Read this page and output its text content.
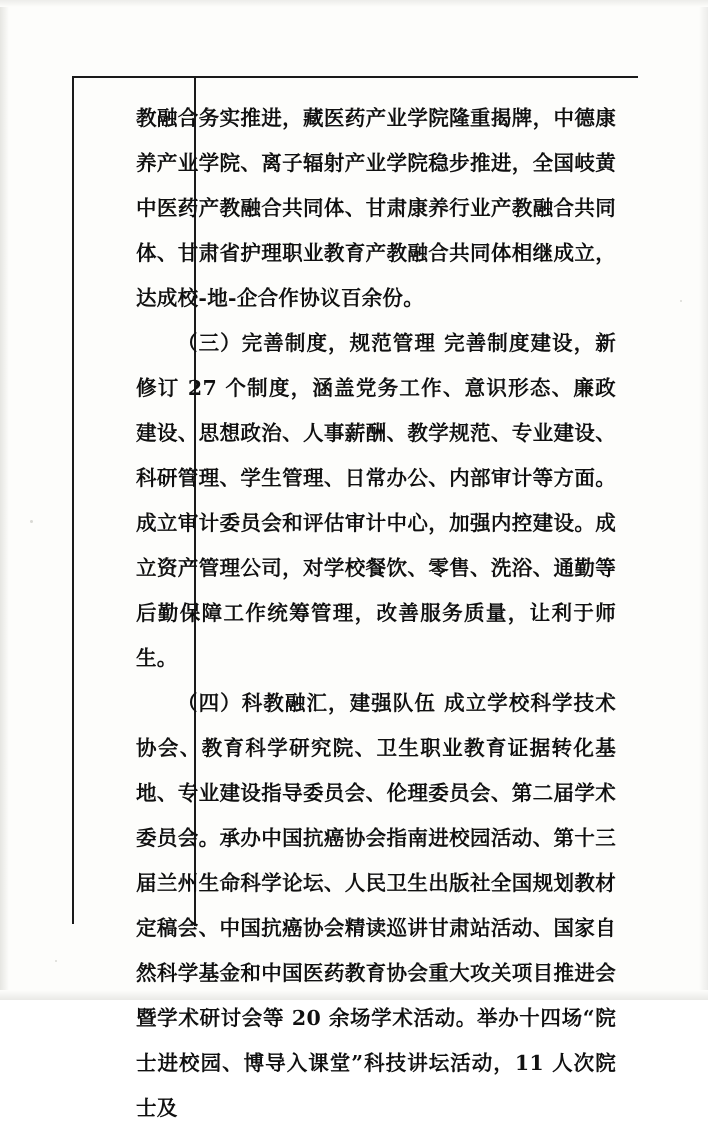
教融合务实推进，藏医药产业学院隆重揭牌，中德康养产业学院、离子辐射产业学院稳步推进，全国岐黄中医药产教融合共同体、甘肃康养行业产教融合共同体、甘肃省护理职业教育产教融合共同体相继成立，达成校-地-企合作协议百余份。

（三）完善制度，规范管理 完善制度建设，新修订 27 个制度，涵盖党务工作、意识形态、廉政建设、思想政治、人事薪酬、教学规范、专业建设、科研管理、学生管理、日常办公、内部审计等方面。成立审计委员会和评估审计中心，加强内控建设。成立资产管理公司，对学校餐饮、零售、洗浴、通勤等后勤保障工作统筹管理，改善服务质量，让利于师生。

（四）科教融汇，建强队伍 成立学校科学技术协会、教育科学研究院、卫生职业教育证据转化基地、专业建设指导委员会、伦理委员会、第二届学术委员会。承办中国抗癌协会指南进校园活动、第十三届兰州生命科学论坛、人民卫生出版社全国规划教材定稿会、中国抗癌协会精读巡讲甘肃站活动、国家自然科学基金和中国医药教育协会重大攻关项目推进会暨学术研讨会等 20 余场学术活动。举办十四场“院士进校园、博导入课堂”科技讲坛活动，11 人次院士及
